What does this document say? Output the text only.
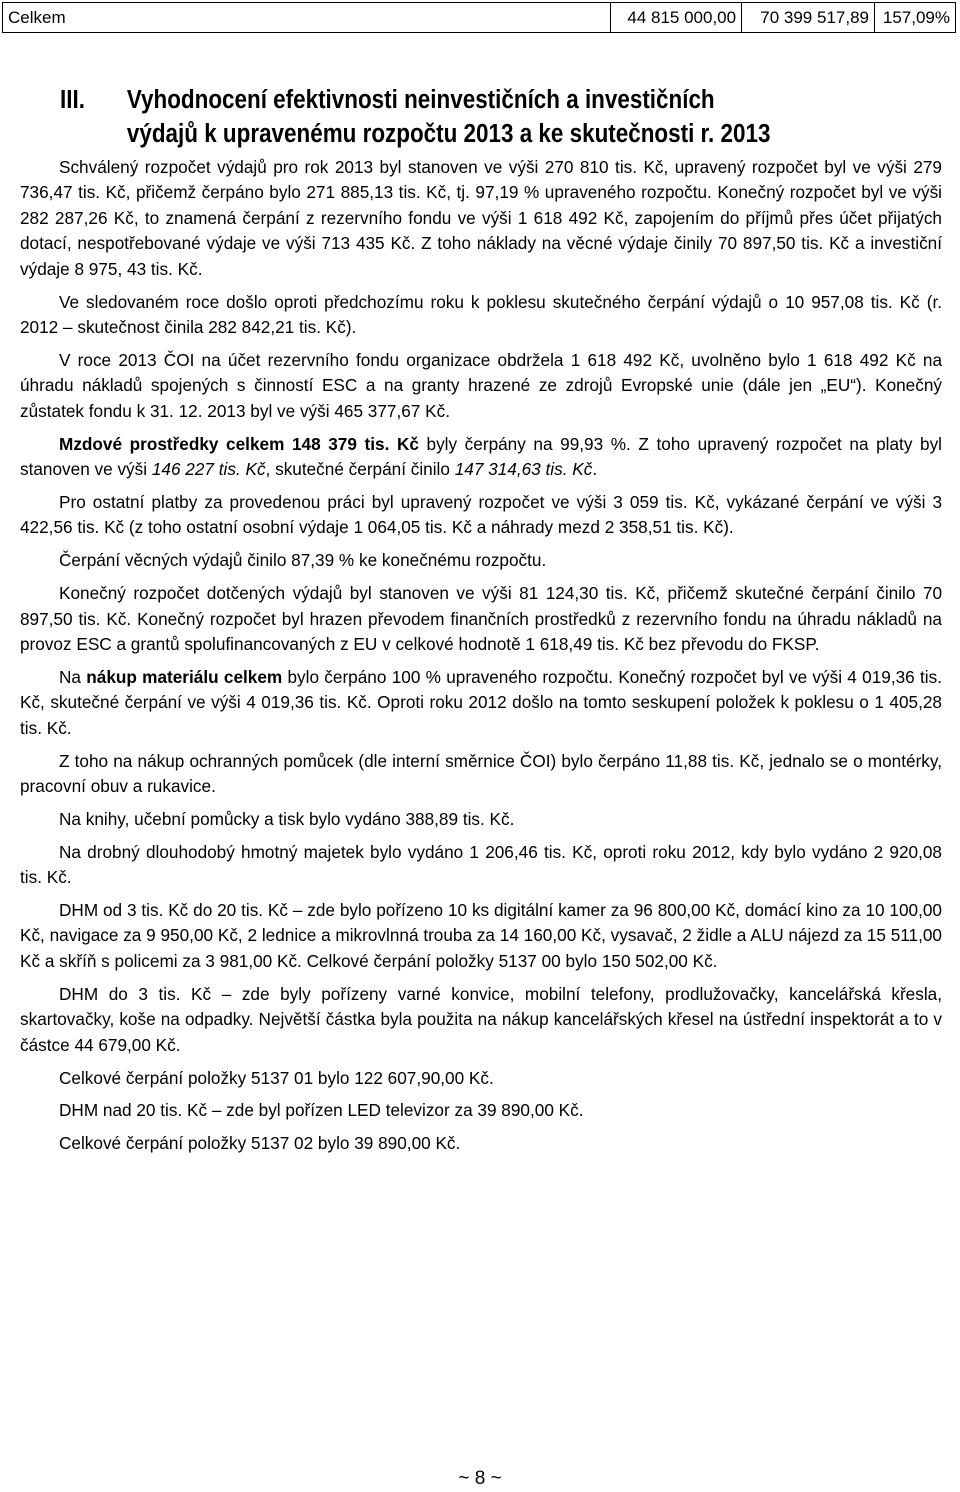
Celkem	44 815 000,00	70 399 517,89	157,09%
III. Vyhodnocení efektivnosti neinvestičních a investičních
výdajů k upravenému rozpočtu 2013 a ke skutečnosti r. 2013

Schválený rozpočet výdajů pro rok 2013 byl stanoven ve výši 270 810 tis. Kč, upravený rozpočet byl ve výši 279 736,47 tis. Kč, přičemž čerpáno bylo 271 885,13 tis. Kč, tj. 97,19 % upraveného rozpočtu. Konečný rozpočet byl ve výši 282 287,26 Kč, to znamená čerpání z rezervního fondu ve výši 1 618 492 Kč, zapojením do příjmů přes účet přijatých dotací, nespotřebované výdaje ve výši 713 435 Kč. Z toho náklady na věcné výdaje činily 70 897,50 tis. Kč a investiční výdaje 8 975, 43 tis. Kč.

Ve sledovaném roce došlo oproti předchozímu roku k poklesu skutečného čerpání výdajů o 10 957,08 tis. Kč (r. 2012 – skutečnost činila 282 842,21 tis. Kč).

V roce 2013 ČOI na účet rezervního fondu organizace obdržela 1 618 492 Kč, uvolněno bylo 1 618 492 Kč na úhradu nákladů spojených s činností ESC a na granty hrazené ze zdrojů Evropské unie (dále jen „EU“). Konečný zůstatek fondu k 31. 12. 2013 byl ve výši 465 377,67 Kč.

Mzdové prostředky celkem 148 379 tis. Kč byly čerpány na 99,93 %. Z toho upravený rozpočet na platy byl stanoven ve výši 146 227 tis. Kč, skutečné čerpání činilo 147 314,63 tis. Kč.

Pro ostatní platby za provedenou práci byl upravený rozpočet ve výši 3 059 tis. Kč, vykázané čerpání ve výši 3 422,56 tis. Kč (z toho ostatní osobní výdaje 1 064,05 tis. Kč a náhrady mezd 2 358,51 tis. Kč).

Čerpání věcných výdajů činilo 87,39 % ke konečnému rozpočtu.

Konečný rozpočet dotčených výdajů byl stanoven ve výši 81 124,30 tis. Kč, přičemž skutečné čerpání činilo 70 897,50 tis. Kč. Konečný rozpočet byl hrazen převodem finančních prostředků z rezervního fondu na úhradu nákladů na provoz ESC a grantů spolufinancovaných z EU v celkové hodnotě 1 618,49 tis. Kč bez převodu do FKSP.

Na nákup materiálu celkem bylo čerpáno 100 % upraveného rozpočtu. Konečný rozpočet byl ve výši 4 019,36 tis. Kč, skutečné čerpání ve výši 4 019,36 tis. Kč. Oproti roku 2012 došlo na tomto seskupení položek k poklesu o 1 405,28 tis. Kč.

Z toho na nákup ochranných pomůcek (dle interní směrnice ČOI) bylo čerpáno 11,88 tis. Kč, jednalo se o montérky, pracovní obuv a rukavice.

Na knihy, učební pomůcky a tisk bylo vydáno 388,89 tis. Kč.

Na drobný dlouhodobý hmotný majetek bylo vydáno 1 206,46 tis. Kč, oproti roku 2012, kdy bylo vydáno 2 920,08 tis. Kč.

DHM od 3 tis. Kč do 20 tis. Kč – zde bylo pořízeno 10 ks digitální kamer za 96 800,00 Kč, domácí kino za 10 100,00 Kč, navigace za 9 950,00 Kč, 2 lednice a mikrovlnná trouba za 14 160,00 Kč, vysavač, 2 židle a ALU nájezd za 15 511,00 Kč a skříň s policemi za 3 981,00 Kč. Celkové čerpání položky 5137 00 bylo 150 502,00 Kč.

DHM do 3 tis. Kč – zde byly pořízeny varné konvice, mobilní telefony, prodlužovačky, kancelářská křesla, skartovačky, koše na odpadky. Největší částka byla použita na nákup kancelářských křesel na ústřední inspektorát a to v částce 44 679,00 Kč.

Celkové čerpání položky 5137 01 bylo 122 607,90,00 Kč.

DHM nad 20 tis. Kč – zde byl pořízen LED televizor za 39 890,00 Kč.

Celkové čerpání položky 5137 02 bylo 39 890,00 Kč.

~ 8 ~
